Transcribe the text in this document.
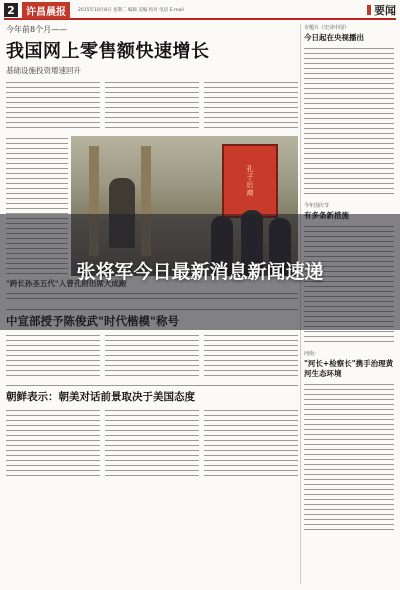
2	许昌晨报	2015年10月8日 星期二 编辑 美编 校对 电话 E-mail	要闻
今年前8个月——
我国网上零售额快速增长
基础设施投资增速回升
孔子后裔
朝鲜表示：朝美对话前景取决于美国态度
专题片《史诗中国》
今日起在央视播出
今年国庆节
河南：
"河长+检察长"携手治理黄河生态环境
张将军今日最新消息新闻速递
